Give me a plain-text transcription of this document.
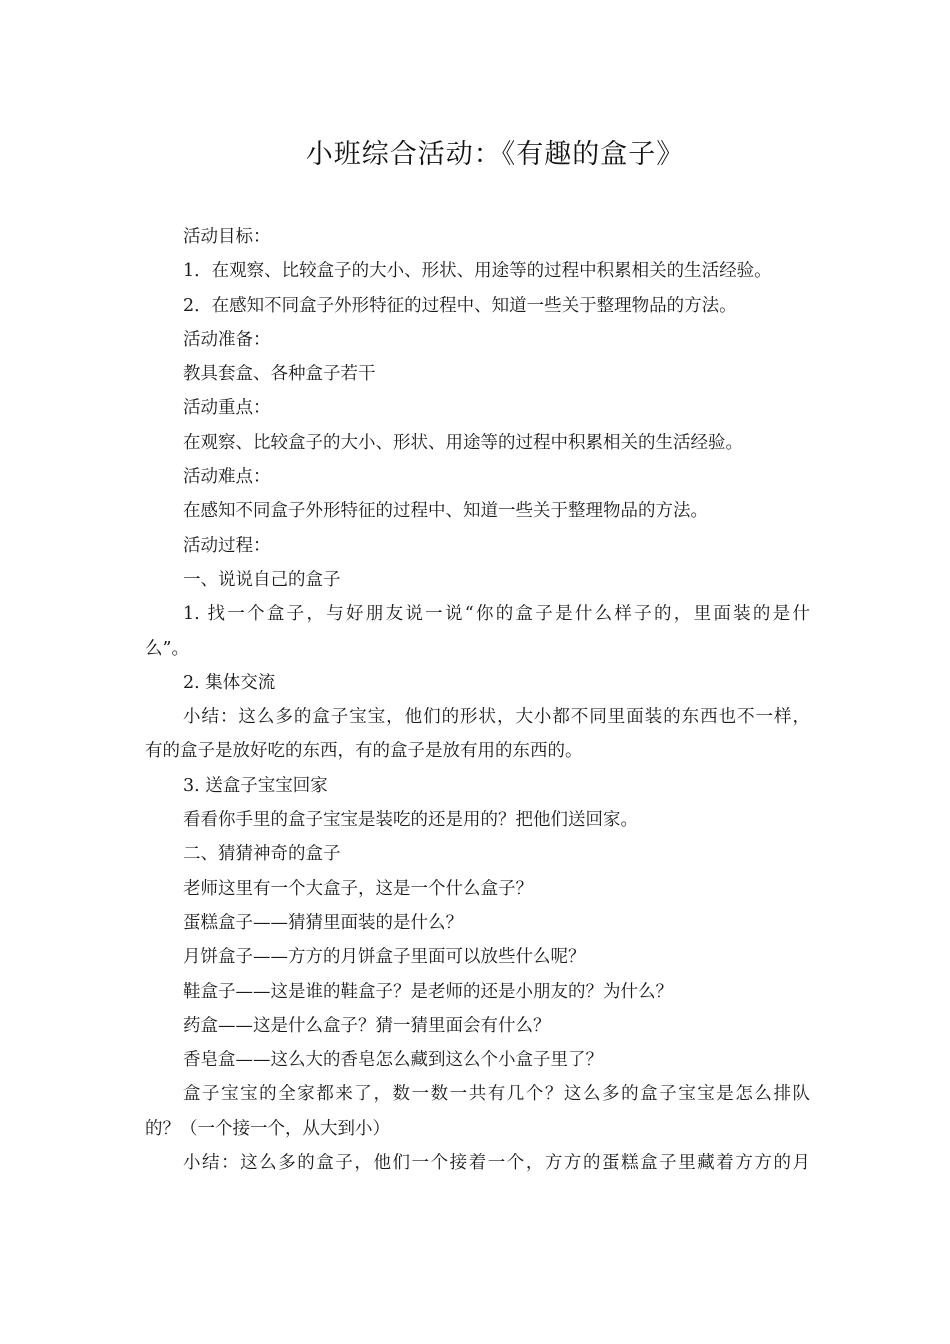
小班综合活动：《有趣的盒子》
活动目标：
1．在观察、比较盒子的大小、形状、用途等的过程中积累相关的生活经验。
2．在感知不同盒子外形特征的过程中、知道一些关于整理物品的方法。
活动准备：
教具套盒、各种盒子若干
活动重点：
在观察、比较盒子的大小、形状、用途等的过程中积累相关的生活经验。
活动难点：
在感知不同盒子外形特征的过程中、知道一些关于整理物品的方法。
活动过程：
一、说说自己的盒子
1. 找一个盒子，与好朋友说一说“你的盒子是什么样子的，里面装的是什
么”。
2. 集体交流
小结：这么多的盒子宝宝，他们的形状，大小都不同里面装的东西也不一样，
有的盒子是放好吃的东西，有的盒子是放有用的东西的。
3. 送盒子宝宝回家
看看你手里的盒子宝宝是装吃的还是用的？把他们送回家。
二、猜猜神奇的盒子
老师这里有一个大盒子，这是一个什么盒子？
蛋糕盒子——猜猜里面装的是什么？
月饼盒子——方方的月饼盒子里面可以放些什么呢？
鞋盒子——这是谁的鞋盒子？是老师的还是小朋友的？为什么？
药盒——这是什么盒子？猜一猜里面会有什么？
香皂盒——这么大的香皂怎么藏到这么个小盒子里了？
盒子宝宝的全家都来了，数一数一共有几个？这么多的盒子宝宝是怎么排队
的？（一个接一个，从大到小）
小结：这么多的盒子，他们一个接着一个，方方的蛋糕盒子里藏着方方的月
